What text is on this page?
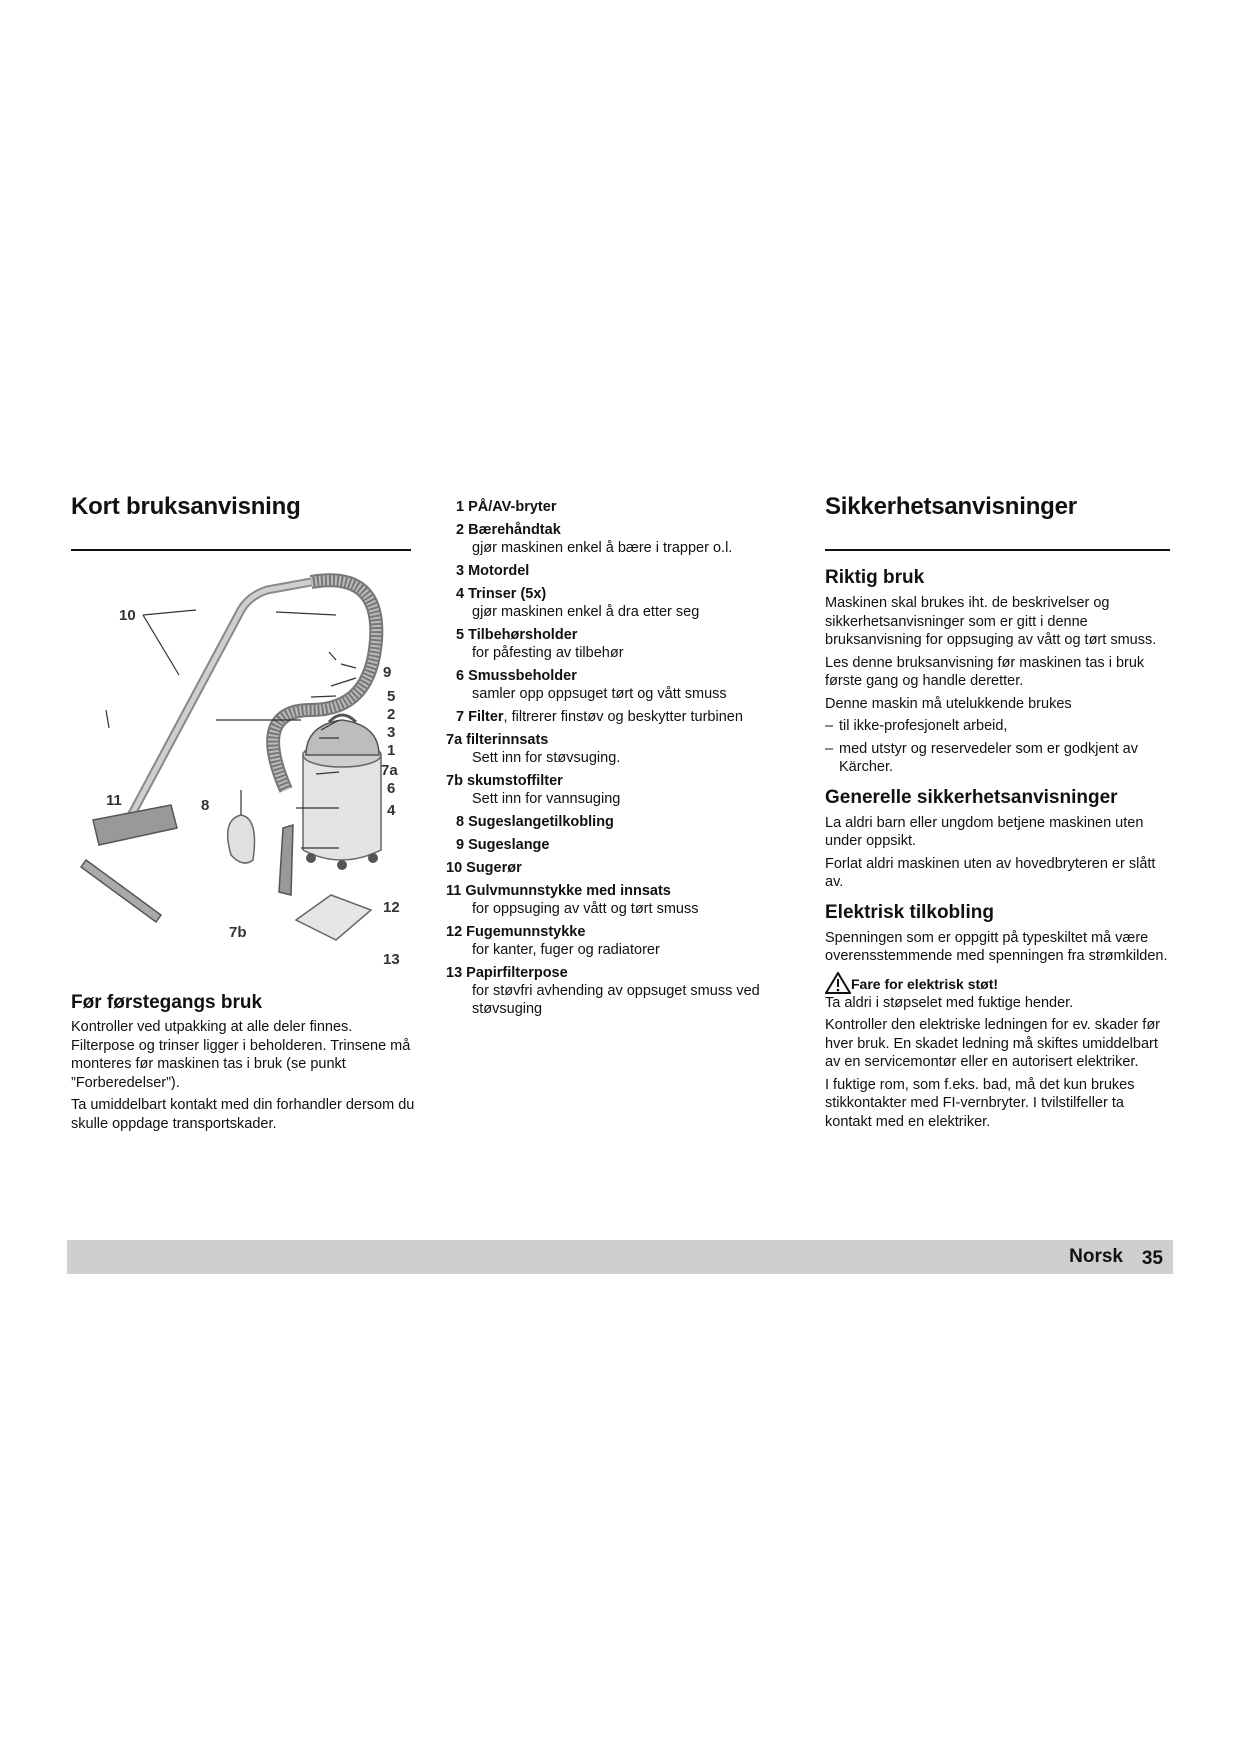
Kort bruksanvisning
10
9
5
2
3
1
7a
6
4
12
13
11	8
7b
Før førstegangs bruk

Kontroller ved utpakking at alle deler finnes. Filterpose og trinser ligger i beholderen. Trinsene må monteres før maskinen tas i bruk (se punkt ”Forberedelser”).

Ta umiddelbart kontakt med din forhandler dersom du skulle oppdage transportskader.

1 PÅ/AV-bryter
2 Bærehåndtak
gjør maskinen enkel å bære i trapper o.l.
3 Motordel
4 Trinser (5x)
gjør maskinen enkel å dra etter seg
5 Tilbehørsholder
for påfesting av tilbehør
6 Smussbeholder
samler opp oppsuget tørt og vått smuss
7 Filter, filtrerer finstøv og beskytter turbinen
7a filterinnsats
Sett inn for støvsuging.
7b skumstoffilter
Sett inn for vannsuging
8 Sugeslangetilkobling
9 Sugeslange
10 Sugerør
11 Gulvmunnstykke med innsats
for oppsuging av vått og tørt smuss
12 Fugemunnstykke
for kanter, fuger og radiatorer
13 Papirfilterpose
for støvfri avhending av oppsuget smuss ved støvsuging
Sikkerhetsanvisninger
Riktig bruk

Maskinen skal brukes iht. de beskrivelser og sikkerhetsanvisninger som er gitt i denne bruksanvisning for oppsuging av vått og tørt smuss.

Les denne bruksanvisning før maskinen tas i bruk første gang og handle deretter.

Denne maskin må utelukkende brukes

– til ikke-profesjonelt arbeid,
– med utstyr og reservedeler som er godkjent av Kärcher.
Generelle sikkerhetsanvisninger

La aldri barn eller ungdom betjene maskinen uten under oppsikt.

Forlat aldri maskinen uten av hovedbryteren er slått av.

Elektrisk tilkobling

Spenningen som er oppgitt på typeskiltet må være overensstemmende med spenningen fra strømkilden.

Fare for elektrisk støt!

Ta aldri i støpselet med fuktige hender.

Kontroller den elektriske ledningen for ev. skader før hver bruk. En skadet ledning må skiftes umiddelbart av en servicemontør eller en autorisert elektriker.

I fuktige rom, som f.eks. bad, må det kun brukes stikkontakter med FI-vernbryter. I tvilstilfeller ta kontakt med en elektriker.

Norsk 35
